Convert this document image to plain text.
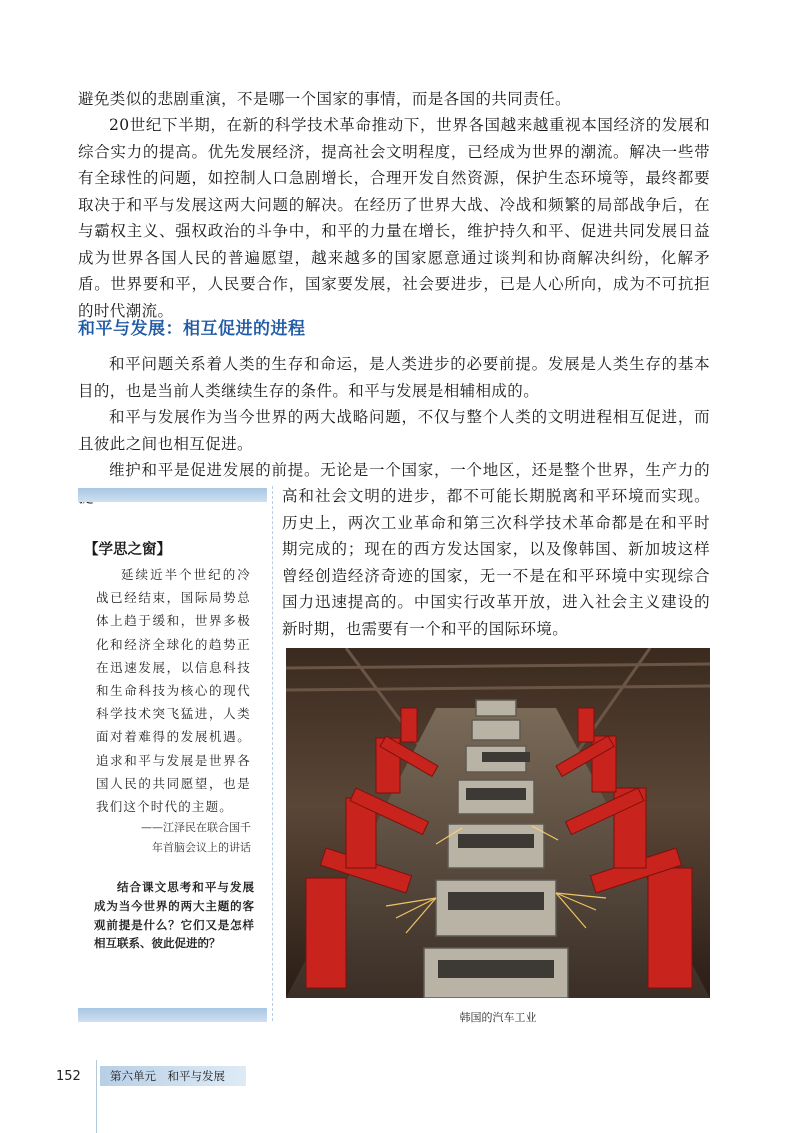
避免类似的悲剧重演，不是哪一个国家的事情，而是各国的共同责任。

20世纪下半期，在新的科学技术革命推动下，世界各国越来越重视本国经济的发展和综合实力的提高。优先发展经济，提高社会文明程度，已经成为世界的潮流。解决一些带有全球性的问题，如控制人口急剧增长，合理开发自然资源，保护生态环境等，最终都要取决于和平与发展这两大问题的解决。在经历了世界大战、冷战和频繁的局部战争后，在与霸权主义、强权政治的斗争中，和平的力量在增长，维护持久和平、促进共同发展日益成为世界各国人民的普遍愿望，越来越多的国家愿意通过谈判和协商解决纠纷，化解矛盾。世界要和平，人民要合作，国家要发展，社会要进步，已是人心所向，成为不可抗拒的时代潮流。

和平与发展：相互促进的进程

和平问题关系着人类的生存和命运，是人类进步的必要前提。发展是人类生存的基本目的，也是当前人类继续生存的条件。和平与发展是相辅相成的。

和平与发展作为当今世界的两大战略问题，不仅与整个人类的文明进程相互促进，而且彼此之间也相互促进。

维护和平是促进发展的前提。无论是一个国家，一个地区，还是整个世界，生产力的

高和社会文明的进步，都不可能长期脱离和平环境而实现。历史上，两次工业革命和第三次科学技术革命都是在和平时期完成的；现在的西方发达国家，以及像韩国、新加坡这样曾经创造经济奇迹的国家，无一不是在和平环境中实现综合国力迅速提高的。中国实行改革开放，进入社会主义建设的新时期，也需要有一个和平的国际环境。

【学思之窗】

延续近半个世纪的冷战已经结束，国际局势总体上趋于缓和，世界多极化和经济全球化的趋势正在迅速发展，以信息科技和生命科技为核心的现代科学技术突飞猛进，人类面对着难得的发展机遇。追求和平与发展是世界各国人民的共同愿望，也是我们这个时代的主题。

——江泽民在联合国千
年首脑会议上的讲话

结合课文思考和平与发展成为当今世界的两大主题的客观前提是什么？它们又是怎样相互联系、彼此促进的？

韩国的汽车工业

152	第六单元　和平与发展
